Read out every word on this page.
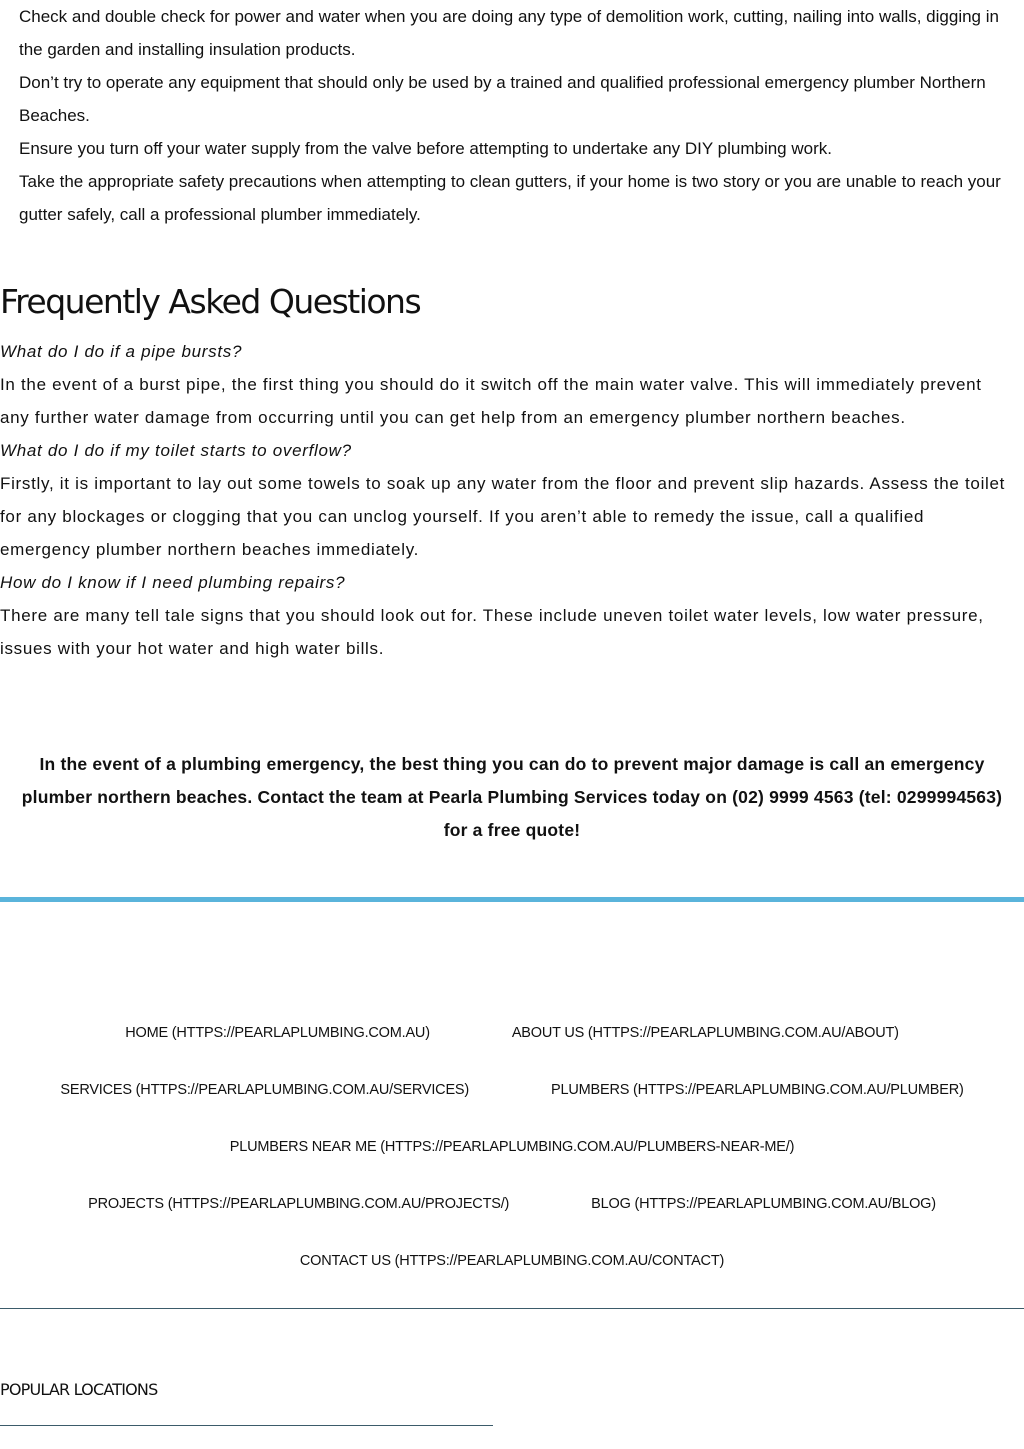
Check and double check for power and water when you are doing any type of demolition work, cutting, nailing into walls, digging in the garden and installing insulation products.

Don’t try to operate any equipment that should only be used by a trained and qualified professional emergency plumber Northern Beaches.

Ensure you turn off your water supply from the valve before attempting to undertake any DIY plumbing work.

Take the appropriate safety precautions when attempting to clean gutters, if your home is two story or you are unable to reach your gutter safely, call a professional plumber immediately.

Frequently Asked Questions

What do I do if a pipe bursts?

In the event of a burst pipe, the first thing you should do it switch off the main water valve. This will immediately prevent any further water damage from occurring until you can get help from an emergency plumber northern beaches.

What do I do if my toilet starts to overflow?

Firstly, it is important to lay out some towels to soak up any water from the floor and prevent slip hazards. Assess the toilet for any blockages or clogging that you can unclog yourself. If you aren’t able to remedy the issue, call a qualified emergency plumber northern beaches immediately.

How do I know if I need plumbing repairs?

There are many tell tale signs that you should look out for. These include uneven toilet water levels, low water pressure, issues with your hot water and high water bills.

In the event of a plumbing emergency, the best thing you can do to prevent major damage is call an emergency plumber northern beaches. Contact the team at Pearla Plumbing Services today on (02) 9999 4563 (tel: 0299994563) for a free quote!

HOME (HTTPS://PEARLAPLUMBING.COM.AU)	ABOUT US (HTTPS://PEARLAPLUMBING.COM.AU/ABOUT)
SERVICES (HTTPS://PEARLAPLUMBING.COM.AU/SERVICES)	PLUMBERS (HTTPS://PEARLAPLUMBING.COM.AU/PLUMBER)
PLUMBERS NEAR ME (HTTPS://PEARLAPLUMBING.COM.AU/PLUMBERS-NEAR-ME/)
PROJECTS (HTTPS://PEARLAPLUMBING.COM.AU/PROJECTS/)	BLOG (HTTPS://PEARLAPLUMBING.COM.AU/BLOG)
CONTACT US (HTTPS://PEARLAPLUMBING.COM.AU/CONTACT)
POPULAR LOCATIONS
